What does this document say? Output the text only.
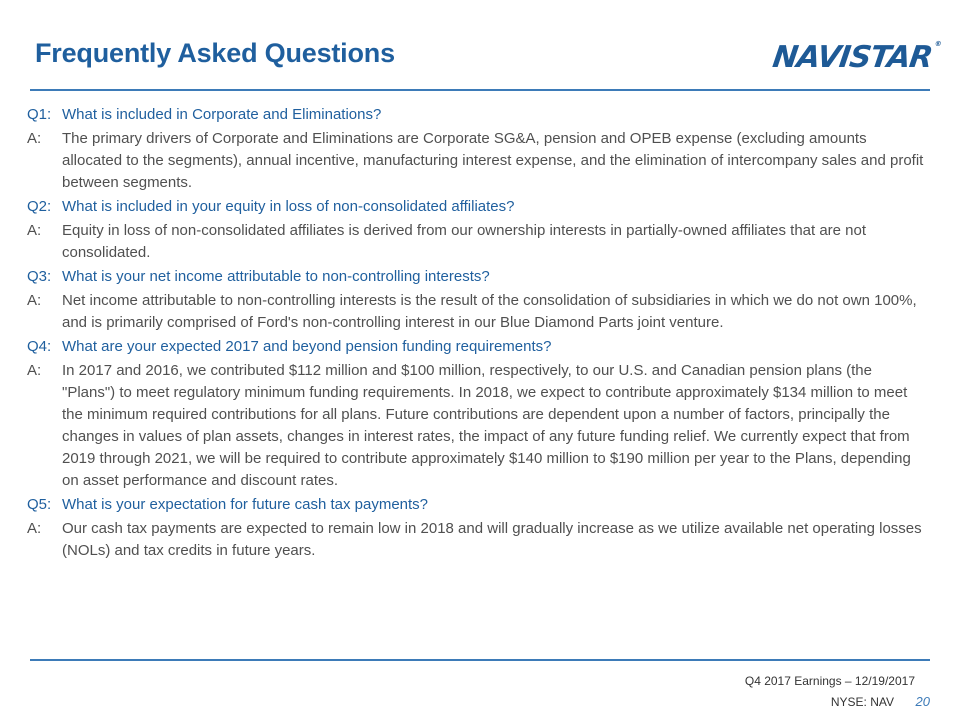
Frequently Asked Questions	NAVISTAR®
Q1: What is included in Corporate and Eliminations?
A:	The primary drivers of Corporate and Eliminations are Corporate SG&A, pension and OPEB expense (excluding amounts allocated to the segments), annual incentive, manufacturing interest expense, and the elimination of intercompany sales and profit between segments.
Q2: What is included in your equity in loss of non-consolidated affiliates?
A:	Equity in loss of non-consolidated affiliates is derived from our ownership interests in partially-owned affiliates that are not consolidated.
Q3: What is your net income attributable to non-controlling interests?
A:	Net income attributable to non-controlling interests is the result of the consolidation of subsidiaries in which we do not own 100%, and is primarily comprised of Ford's non-controlling interest in our Blue Diamond Parts joint venture.
Q4: What are your expected 2017 and beyond pension funding requirements?
A:	In 2017 and 2016, we contributed $112 million and $100 million, respectively, to our U.S. and Canadian pension plans (the "Plans") to meet regulatory minimum funding requirements. In 2018, we expect to contribute approximately $134 million to meet the minimum required contributions for all plans. Future contributions are dependent upon a number of factors, principally the changes in values of plan assets, changes in interest rates, the impact of any future funding relief. We currently expect that from 2019 through 2021, we will be required to contribute approximately $140 million to $190 million per year to the Plans, depending on asset performance and discount rates.
Q5: What is your expectation for future cash tax payments?
A:	Our cash tax payments are expected to remain low in 2018 and will gradually increase as we utilize available net operating losses (NOLs) and tax credits in future years.
Q4 2017 Earnings – 12/19/2017
NYSE: NAV 20
